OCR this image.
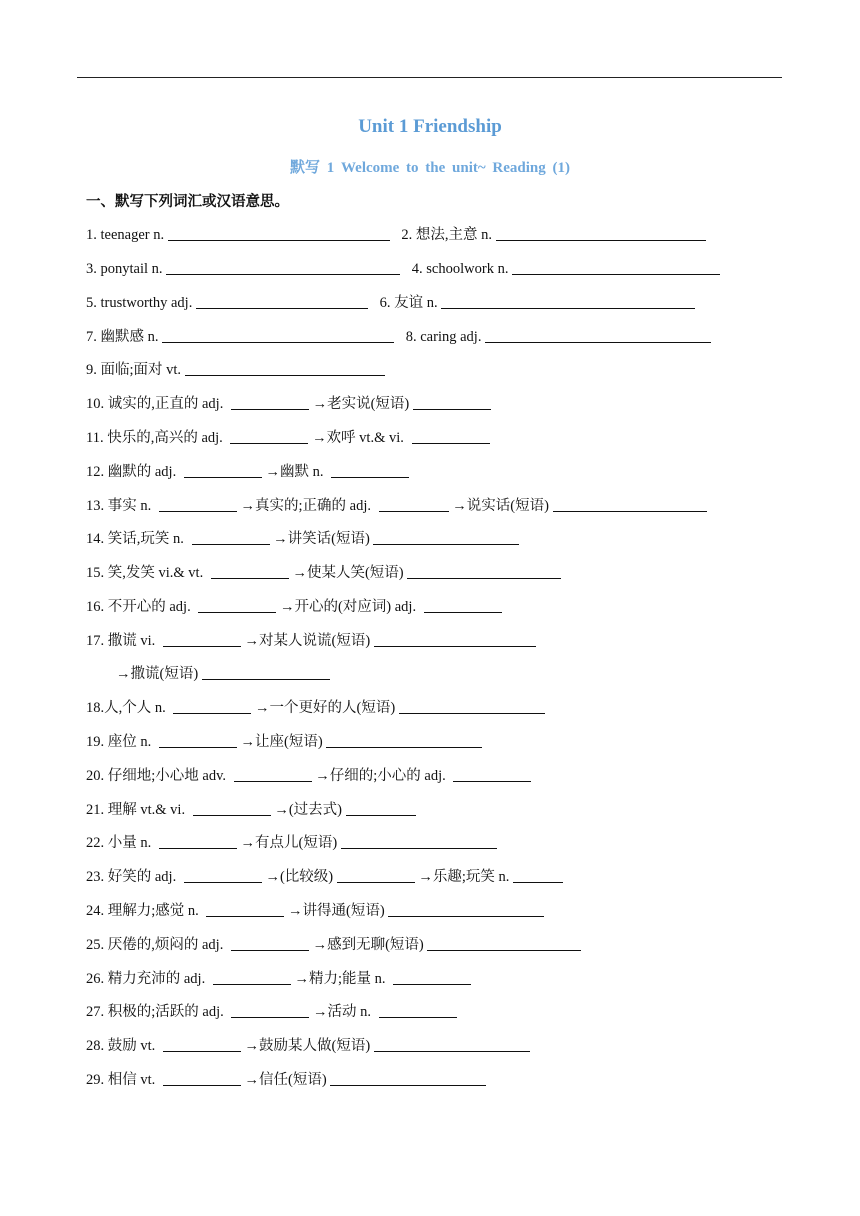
Unit 1 Friendship
默写 1 Welcome to the unit~ Reading (1)
一、默写下列词汇或汉语意思。
1. teenager n.	2. 想法,主意 n.
3. ponytail n.	4. schoolwork n.
5. trustworthy adj.	6. 友谊 n.
7. 幽默感 n.	8. caring adj.
9. 面临;面对 vt.
10. 诚实的,正直的 adj.	→老实说(短语)
11. 快乐的,高兴的 adj.	→欢呼 vt.& vi.
12. 幽默的 adj.	→幽默 n.
13. 事实 n.	→真实的;正确的 adj.	→说实话(短语)
14. 笑话,玩笑 n.	→讲笑话(短语)
15. 笑,发笑 vi.& vt.	→使某人笑(短语)
16. 不开心的 adj.	→开心的(对应词) adj.
17. 撒谎 vi.	→对某人说谎(短语)
→撒谎(短语)
18.人,个人 n.	→一个更好的人(短语)
19. 座位 n.	→让座(短语)
20. 仔细地;小心地 adv.	→仔细的;小心的 adj.
21. 理解 vt.& vi.	→(过去式)
22. 小量 n.	→有点儿(短语)
23. 好笑的 adj.	→(比较级)	→乐趣;玩笑 n.
24. 理解力;感觉 n.	→讲得通(短语)
25. 厌倦的,烦闷的 adj.	→感到无聊(短语)
26. 精力充沛的 adj.	→精力;能量 n.
27. 积极的;活跃的 adj.	→活动 n.
28. 鼓励 vt.	→鼓励某人做(短语)
29. 相信 vt.	→信任(短语)
